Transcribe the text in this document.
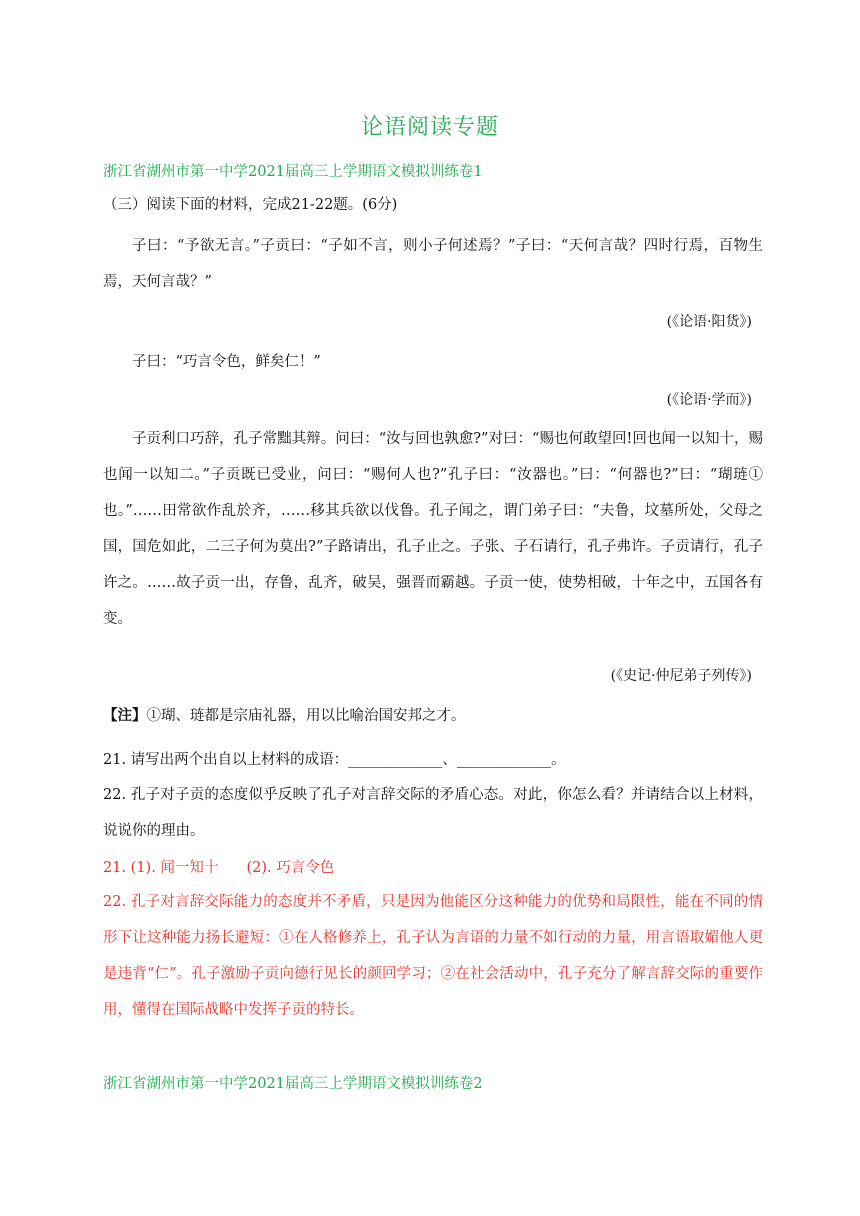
论语阅读专题
浙江省湖州市第一中学2021届高三上学期语文模拟训练卷1
（三）阅读下面的材料，完成21-22题。(6分)
子曰：“予欲无言。”子贡曰：“子如不言，则小子何述焉？”子曰：“天何言哉？四时行焉，百物生焉，天何言哉？”
(《论语·阳货》)
子曰：“巧言令色，鲜矣仁！”
(《论语·学而》)
子贡利口巧辞，孔子常黜其辩。问曰：“汝与回也孰愈?”对曰：“赐也何敢望回!回也闻一以知十，赐也闻一以知二。”子贡既已受业，问曰：“赐何人也?”孔子曰：“汝器也。”曰：“何器也?”曰：“瑚琏①也。”……田常欲作乱於齐，……移其兵欲以伐鲁。孔子闻之，谓门弟子曰：“夫鲁，坟墓所处，父母之国，国危如此，二三子何为莫出?”子路请出，孔子止之。子张、子石请行，孔子弗许。子贡请行，孔子许之。……故子贡一出，存鲁，乱齐，破吴，强晋而霸越。子贡一使，使势相破，十年之中，五国各有变。
(《史记·仲尼弟子列传》)
【注】①瑚、琏都是宗庙礼器，用以比喻治国安邦之才。
21. 请写出两个出自以上材料的成语：_____________、_____________。
22. 孔子对子贡的态度似乎反映了孔子对言辞交际的矛盾心态。对此，你怎么看？并请结合以上材料，说说你的理由。
21. (1). 闻一知十 (2). 巧言令色
22. 孔子对言辞交际能力的态度并不矛盾，只是因为他能区分这种能力的优势和局限性，能在不同的情形下让这种能力扬长避短：①在人格修养上，孔子认为言语的力量不如行动的力量，用言语取媚他人更是违背“仁”。孔子激励子贡向德行见长的颜回学习；②在社会活动中，孔子充分了解言辞交际的重要作用，懂得在国际战略中发挥子贡的特长。
浙江省湖州市第一中学2021届高三上学期语文模拟训练卷2
